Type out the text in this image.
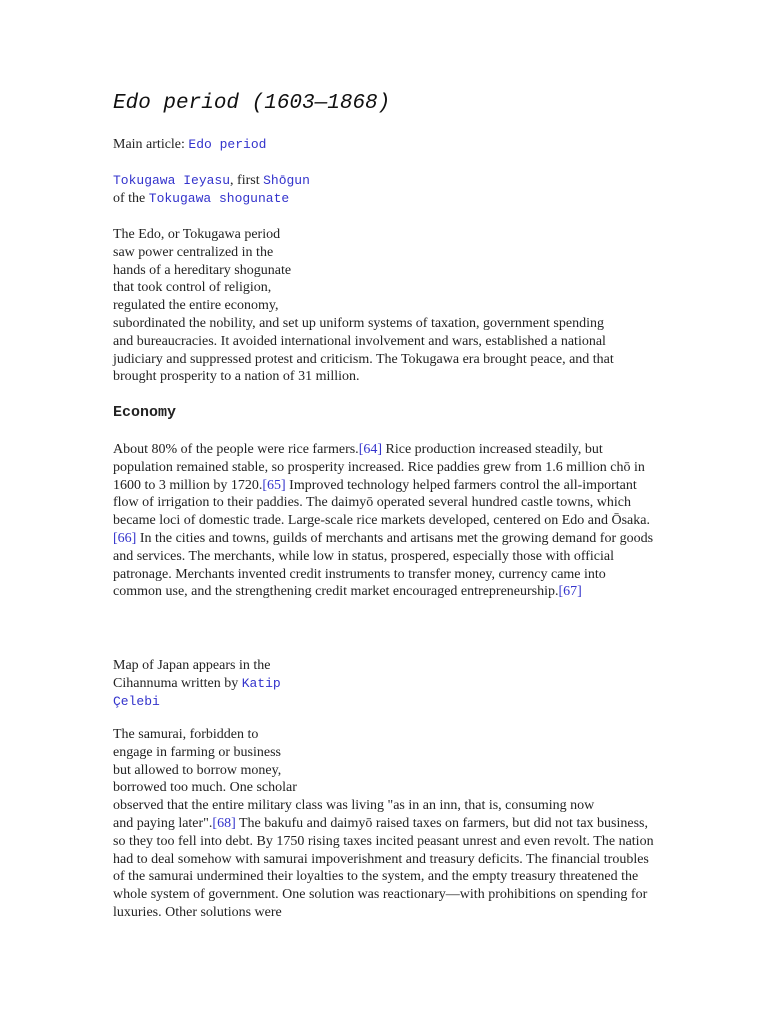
Edo period (1603—1868)
Main article: Edo period
Tokugawa Ieyasu, first Shōgun
of the Tokugawa shogunate
The Edo, or Tokugawa period
saw power centralized in the
hands of a hereditary shogunate
that took control of religion,
regulated the entire economy,
subordinated the nobility, and set up uniform systems of taxation, government spending
and bureaucracies. It avoided international involvement and wars, established a national
judiciary and suppressed protest and criticism. The Tokugawa era brought peace, and that
brought prosperity to a nation of 31 million.
Economy
About 80% of the people were rice farmers.[64] Rice production increased steadily, but population remained stable, so prosperity increased. Rice paddies grew from 1.6 million chō in 1600 to 3 million by 1720.[65] Improved technology helped farmers control the all-important flow of irrigation to their paddies. The daimyō operated several hundred castle towns, which became loci of domestic trade. Large-scale rice markets developed, centered on Edo and Ōsaka.[66] In the cities and towns, guilds of merchants and artisans met the growing demand for goods and services. The merchants, while low in status, prospered, especially those with official patronage. Merchants invented credit instruments to transfer money, currency came into common use, and the strengthening credit market encouraged entrepreneurship.[67]
Map of Japan appears in the
Cihannuma written by Katip
Çelebi
The samurai, forbidden to
engage in farming or business
but allowed to borrow money,
borrowed too much. One scholar
observed that the entire military class was living "as in an inn, that is, consuming now
and paying later".[68] The bakufu and daimyō raised taxes on farmers, but did not tax business, so they too fell into debt. By 1750 rising taxes incited peasant unrest and even revolt. The nation had to deal somehow with samurai impoverishment and treasury deficits. The financial troubles of the samurai undermined their loyalties to the system, and the empty treasury threatened the whole system of government. One solution was reactionary—with prohibitions on spending for luxuries. Other solutions were
